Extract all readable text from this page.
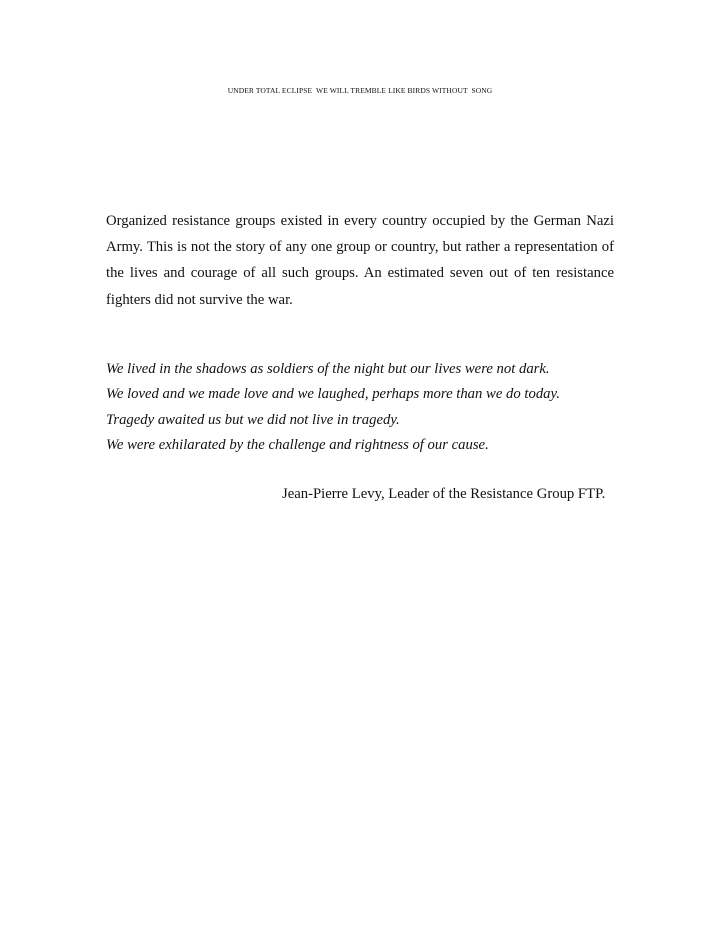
UNDER TOTAL ECLIPSE  WE WILL TREMBLE LIKE BIRDS WITHOUT  SONG

Organized resistance groups existed in every country occupied by the German Nazi Army. This is not the story of any one group or country, but rather a representation of the lives and courage of all such groups. An estimated seven out of ten resistance fighters did not survive the war.

We lived in the shadows as soldiers of the night but our lives were not dark.
We loved and we made love and we laughed, perhaps more than we do today.
Tragedy awaited us but we did not live in tragedy.
We were exhilarated by the challenge and rightness of our cause.
Jean-Pierre Levy, Leader of the Resistance Group FTP.
